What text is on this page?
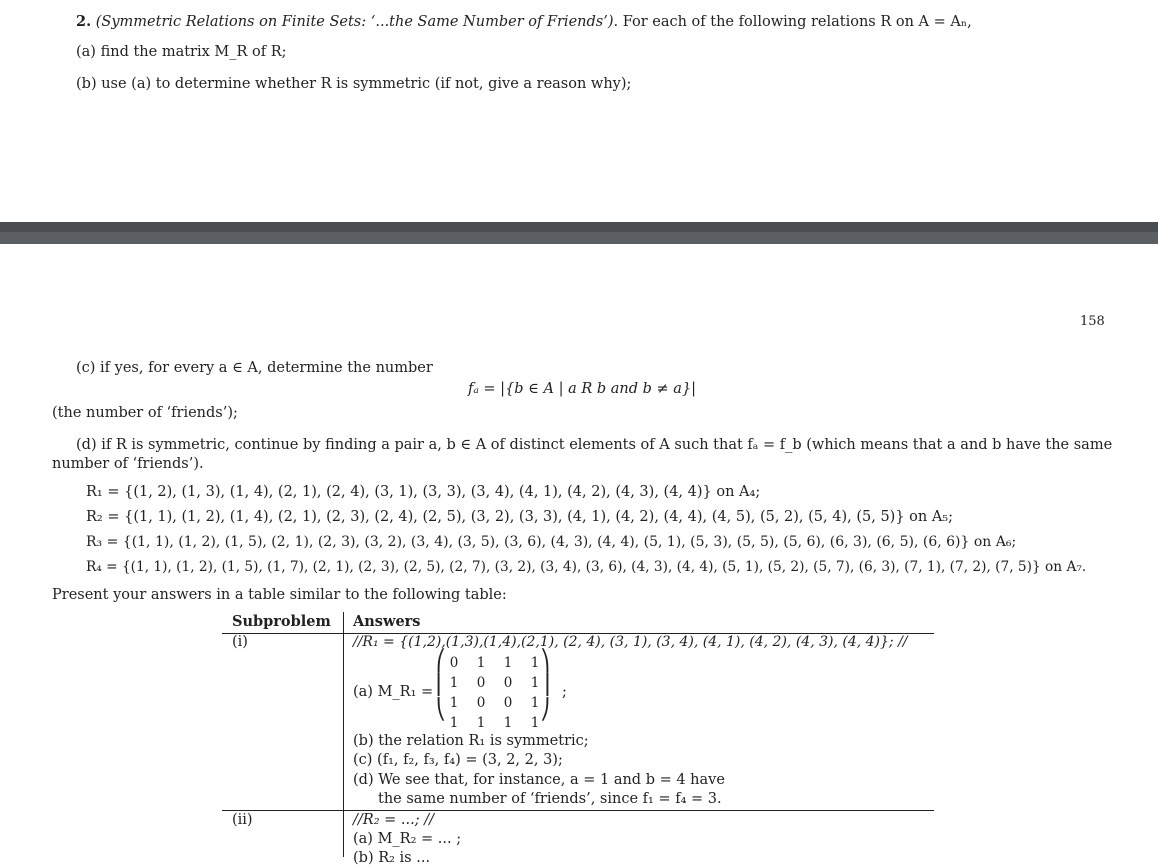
2. (Symmetric Relations on Finite Sets: ‘...the Same Number of Friends’). For each of the following relations R on A = Aₙ,
(a) find the matrix M_R of R;
(b) use (a) to determine whether R is symmetric (if not, give a reason why);
158
(c) if yes, for every a ∈ A, determine the number
fₐ = |{b ∈ A | a R b and b ≠ a}|
(the number of ‘friends’);
(d) if R is symmetric, continue by finding a pair a, b ∈ A of distinct elements of A such that fₐ = f_b (which means that a and b have the same
number of ‘friends’).
R₁ = {(1, 2), (1, 3), (1, 4), (2, 1), (2, 4), (3, 1), (3, 3), (3, 4), (4, 1), (4, 2), (4, 3), (4, 4)} on A₄;
R₂ = {(1, 1), (1, 2), (1, 4), (2, 1), (2, 3), (2, 4), (2, 5), (3, 2), (3, 3), (4, 1), (4, 2), (4, 4), (4, 5), (5, 2), (5, 4), (5, 5)} on A₅;
R₃ = {(1, 1), (1, 2), (1, 5), (2, 1), (2, 3), (3, 2), (3, 4), (3, 5), (3, 6), (4, 3), (4, 4), (5, 1), (5, 3), (5, 5), (5, 6), (6, 3), (6, 5), (6, 6)} on A₆;
R₄ = {(1, 1), (1, 2), (1, 5), (1, 7), (2, 1), (2, 3), (2, 5), (2, 7), (3, 2), (3, 4), (3, 6), (4, 3), (4, 4), (5, 1), (5, 2), (5, 7), (6, 3), (7, 1), (7, 2), (7, 5)} on A₇.
Present your answers in a table similar to the following table:
Subproblem Answers
(i)	//R₁ = {(1,2),(1,3),(1,4),(2,1), (2, 4), (3, 1), (3, 4), (4, 1), (4, 2), (4, 3), (4, 4)}; //
(a) M_R₁ =
⎛
⎜
⎝
⎞
⎟
⎠
0	1	1	1
1	0	0	1
1	0	0	1
1	1	1	1
;
(b) the relation R₁ is symmetric;
(c) (f₁, f₂, f₃, f₄) = (3, 2, 2, 3);
(d) We see that, for instance, a = 1 and b = 4 have
the same number of ‘friends’, since f₁ = f₄ = 3.
(ii)	//R₂ = ...; //
(a) M_R₂ = ... ;
(b) R₂ is ...
